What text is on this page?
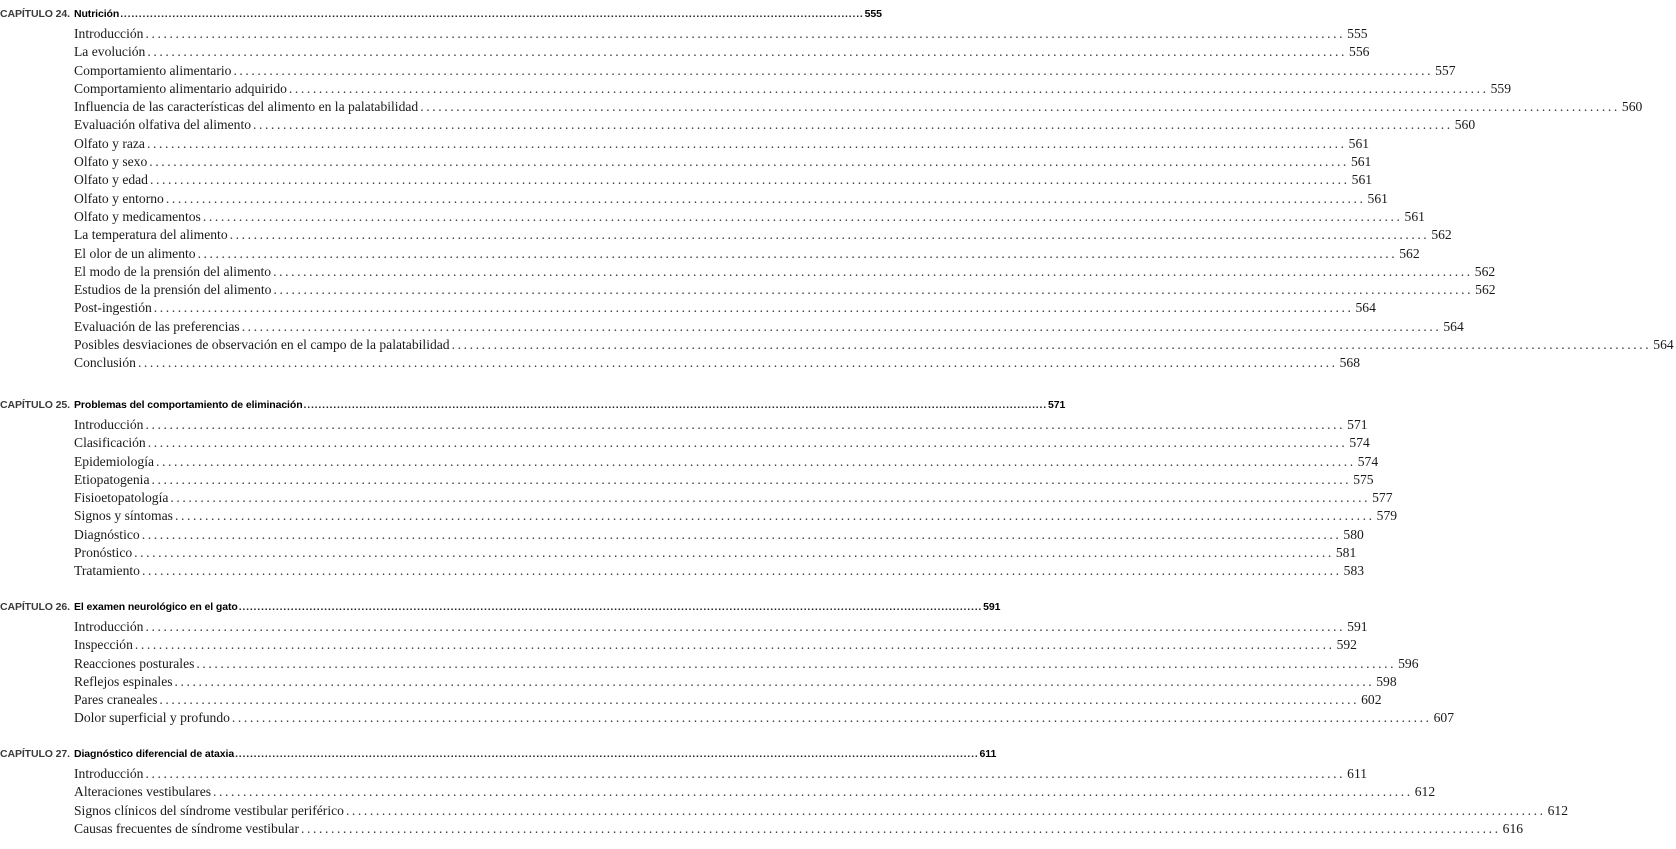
CAPÍTULO 24. Nutrición ........................................................................................................................................................................................................ 555
Introducción ........................................................................................................................................................................................................ 555
La evolución ........................................................................................................................................................................................................ 556
Comportamiento alimentario ........................................................................................................................................................................................................ 557
Comportamiento alimentario adquirido ........................................................................................................................................................................................................ 559
Influencia de las características del alimento en la palatabilidad ........................................................................................................................................................................................................ 560
Evaluación olfativa del alimento ........................................................................................................................................................................................................ 560
Olfato y raza ........................................................................................................................................................................................................ 561
Olfato y sexo ........................................................................................................................................................................................................ 561
Olfato y edad ........................................................................................................................................................................................................ 561
Olfato y entorno ........................................................................................................................................................................................................ 561
Olfato y medicamentos ........................................................................................................................................................................................................ 561
La temperatura del alimento ........................................................................................................................................................................................................ 562
El olor de un alimento ........................................................................................................................................................................................................ 562
El modo de la prensión del alimento ........................................................................................................................................................................................................ 562
Estudios de la prensión del alimento ........................................................................................................................................................................................................ 562
Post-ingestión ........................................................................................................................................................................................................ 564
Evaluación de las preferencias ........................................................................................................................................................................................................ 564
Posibles desviaciones de observación en el campo de la palatabilidad ........................................................................................................................................................................................................ 564
Conclusión ........................................................................................................................................................................................................ 568
CAPÍTULO 25. Problemas del comportamiento de eliminación ........................................................................................................................................................................................................ 571
Introducción ........................................................................................................................................................................................................ 571
Clasificación ........................................................................................................................................................................................................ 574
Epidemiología ........................................................................................................................................................................................................ 574
Etiopatogenia ........................................................................................................................................................................................................ 575
Fisioetopatología ........................................................................................................................................................................................................ 577
Signos y síntomas ........................................................................................................................................................................................................ 579
Diagnóstico ........................................................................................................................................................................................................ 580
Pronóstico ........................................................................................................................................................................................................ 581
Tratamiento ........................................................................................................................................................................................................ 583
CAPÍTULO 26. El examen neurológico en el gato ........................................................................................................................................................................................................ 591
Introducción ........................................................................................................................................................................................................ 591
Inspección ........................................................................................................................................................................................................ 592
Reacciones posturales ........................................................................................................................................................................................................ 596
Reflejos espinales ........................................................................................................................................................................................................ 598
Pares craneales ........................................................................................................................................................................................................ 602
Dolor superficial y profundo ........................................................................................................................................................................................................ 607
CAPÍTULO 27. Diagnóstico diferencial de ataxia ........................................................................................................................................................................................................ 611
Introducción ........................................................................................................................................................................................................ 611
Alteraciones vestibulares ........................................................................................................................................................................................................ 612
Signos clínicos del síndrome vestibular periférico ........................................................................................................................................................................................................ 612
Causas frecuentes de síndrome vestibular ........................................................................................................................................................................................................ 616
